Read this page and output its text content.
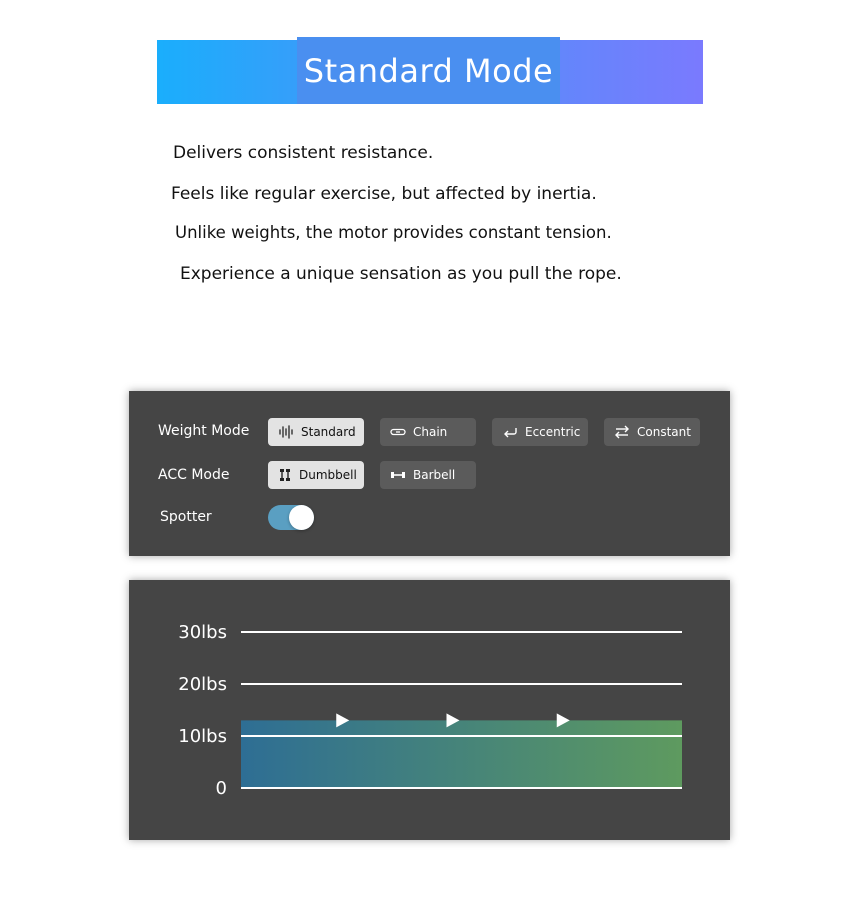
Standard Mode
Delivers consistent resistance.
Feels like regular exercise, but affected by inertia.
Unlike weights, the motor provides constant tension.
Experience a unique sensation as you pull the rope.
Weight Mode	Standard	Chain	Eccentric	Constant
ACC Mode	Dumbbell	Barbell
Spotter
30lbs
20lbs
10lbs
0
